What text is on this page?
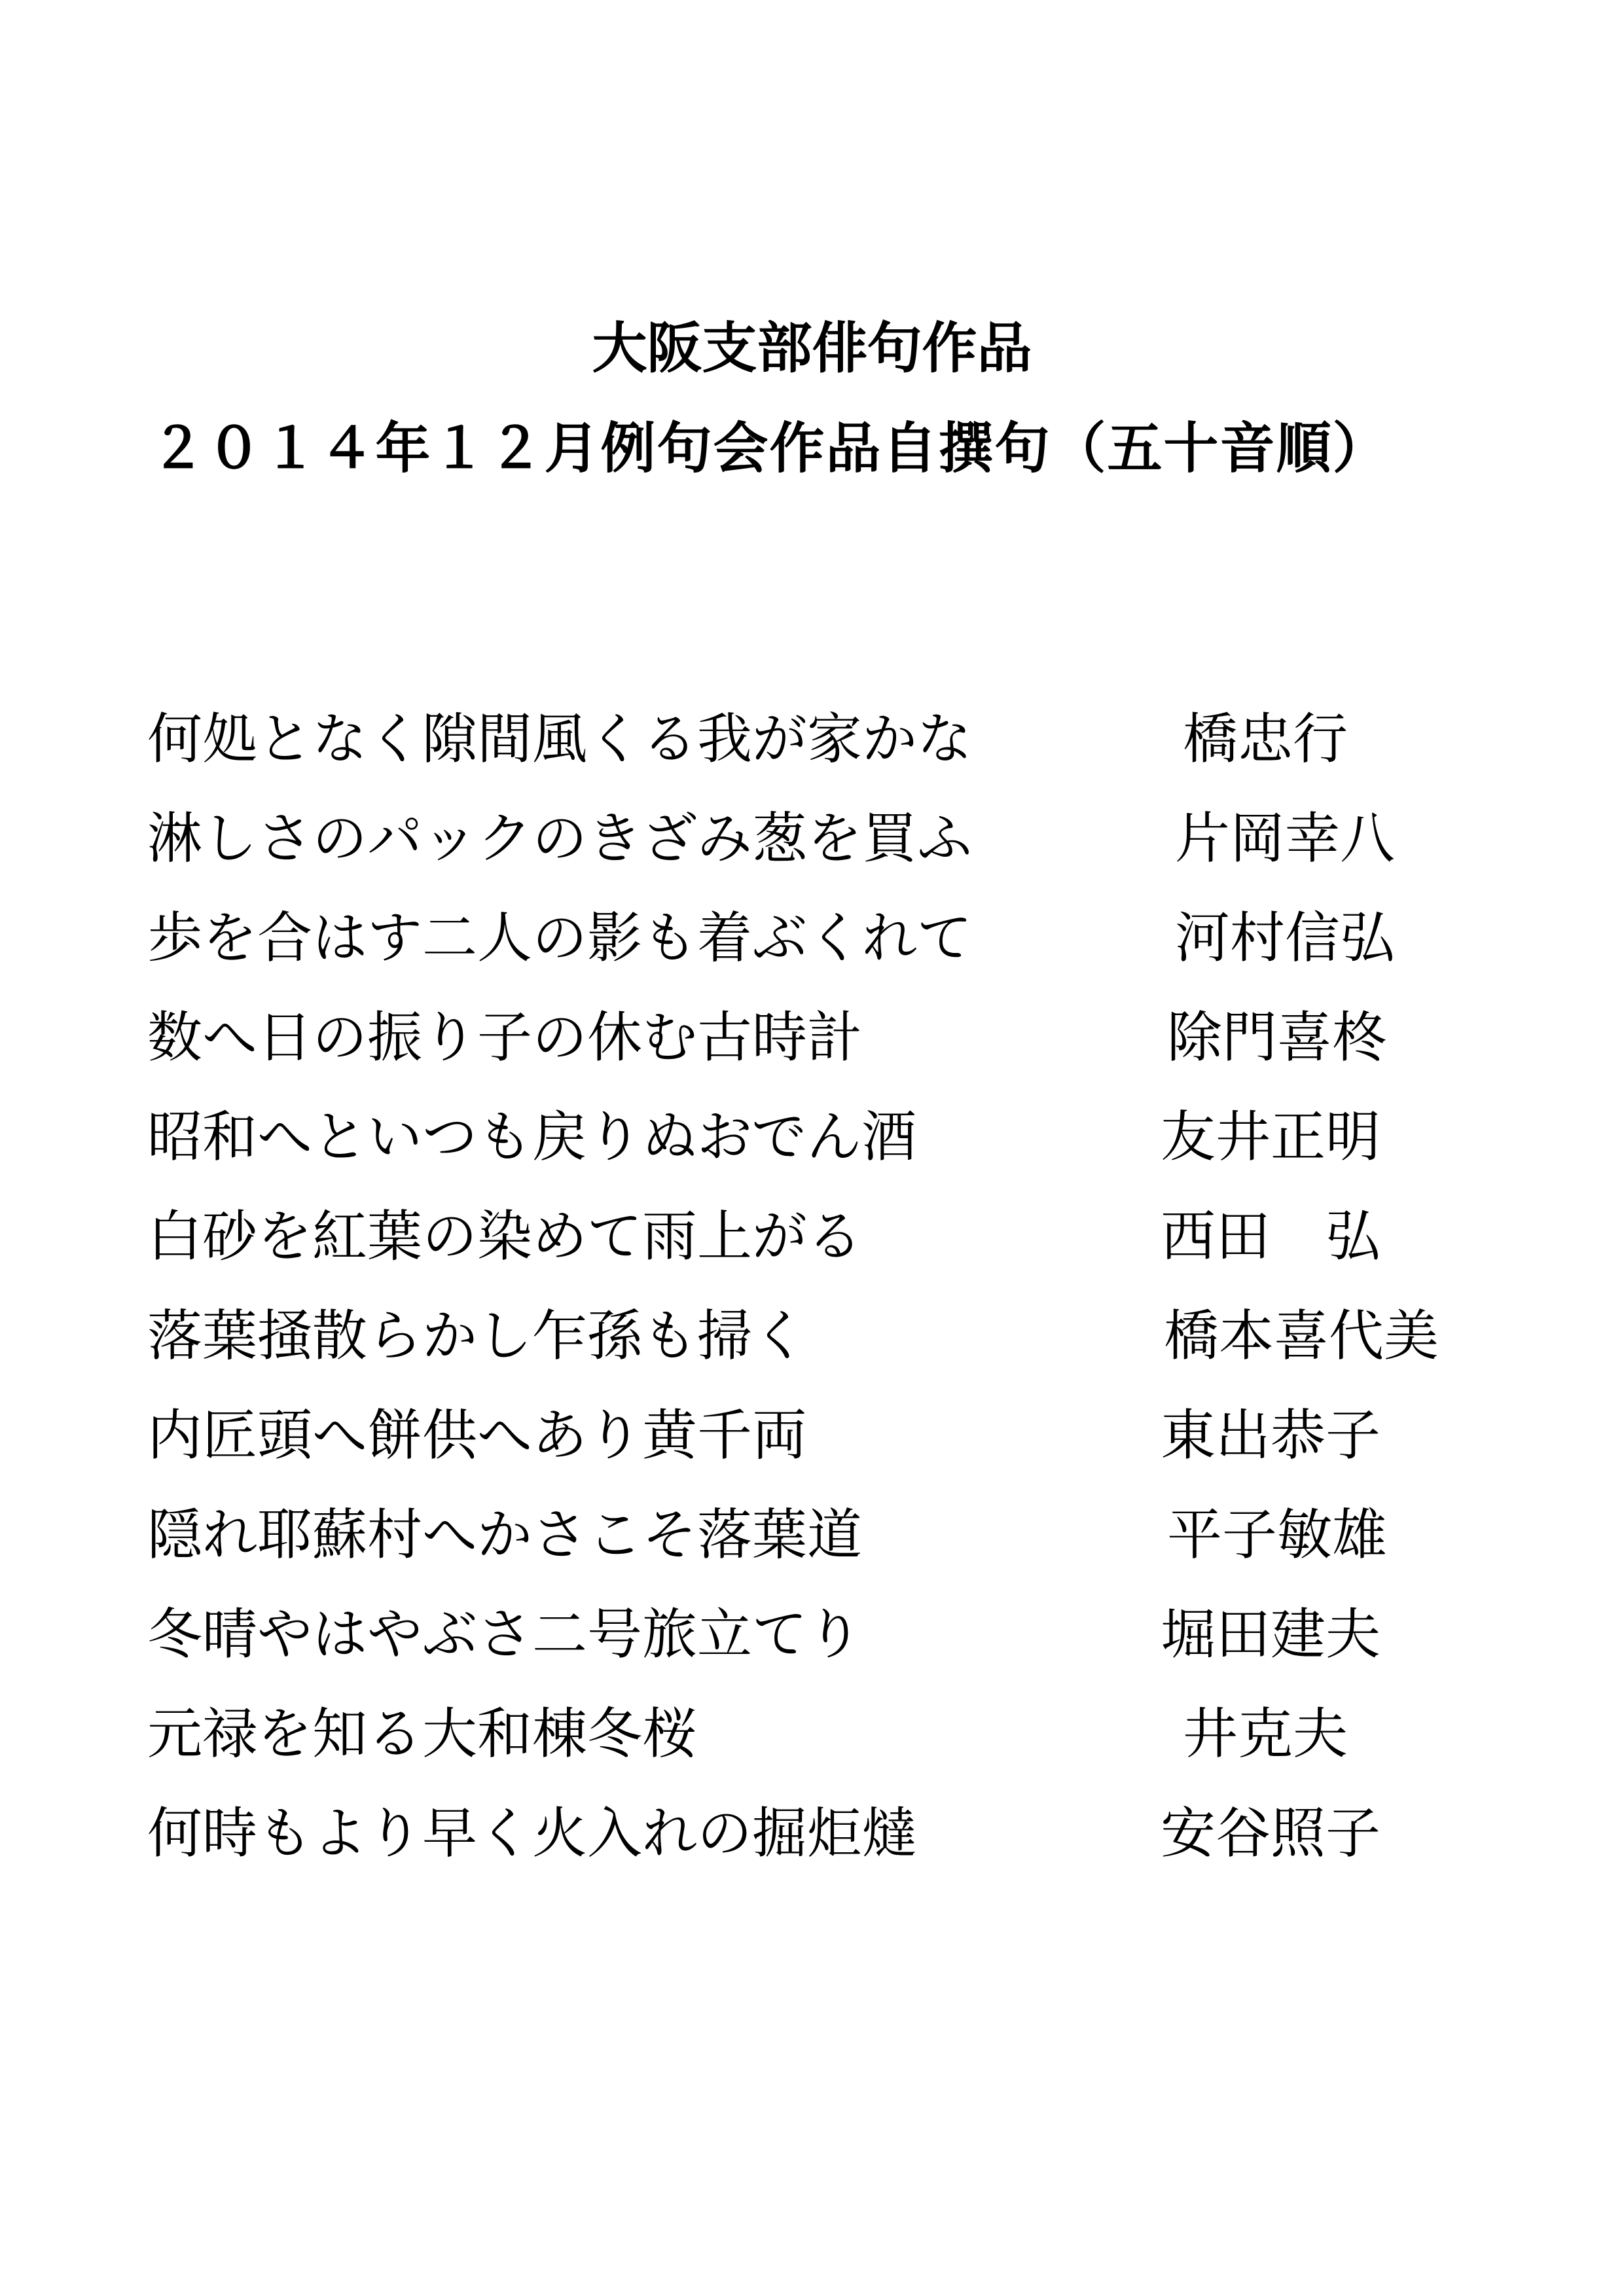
大阪支部俳句作品
２０１４年１２月例句会作品自撰句（五十音順）
何処となく隙間風くる我が家かな	橋忠行
淋しさのパックのきざみ葱を買ふ	片岡幸八
歩を合はす二人の影も着ぶくれて	河村信弘
数へ日の振り子の休む古時計	除門喜柊
昭和へといつも戻りぬおでん酒	友井正明
白砂を紅葉の染めて雨上がる	西田　弘
落葉掻散らかし乍孫も掃く	橋本喜代美
内匠頭へ餅供へあり黄千両	東出恭子
隠れ耶蘇村へかさこそ落葉道	平子敏雄
冬晴やはやぶさ二号旅立てり	堀田建夫
元禄を知る大和棟冬桜	井克夫
何時もより早く火入れの掘炬燵	安谷照子
